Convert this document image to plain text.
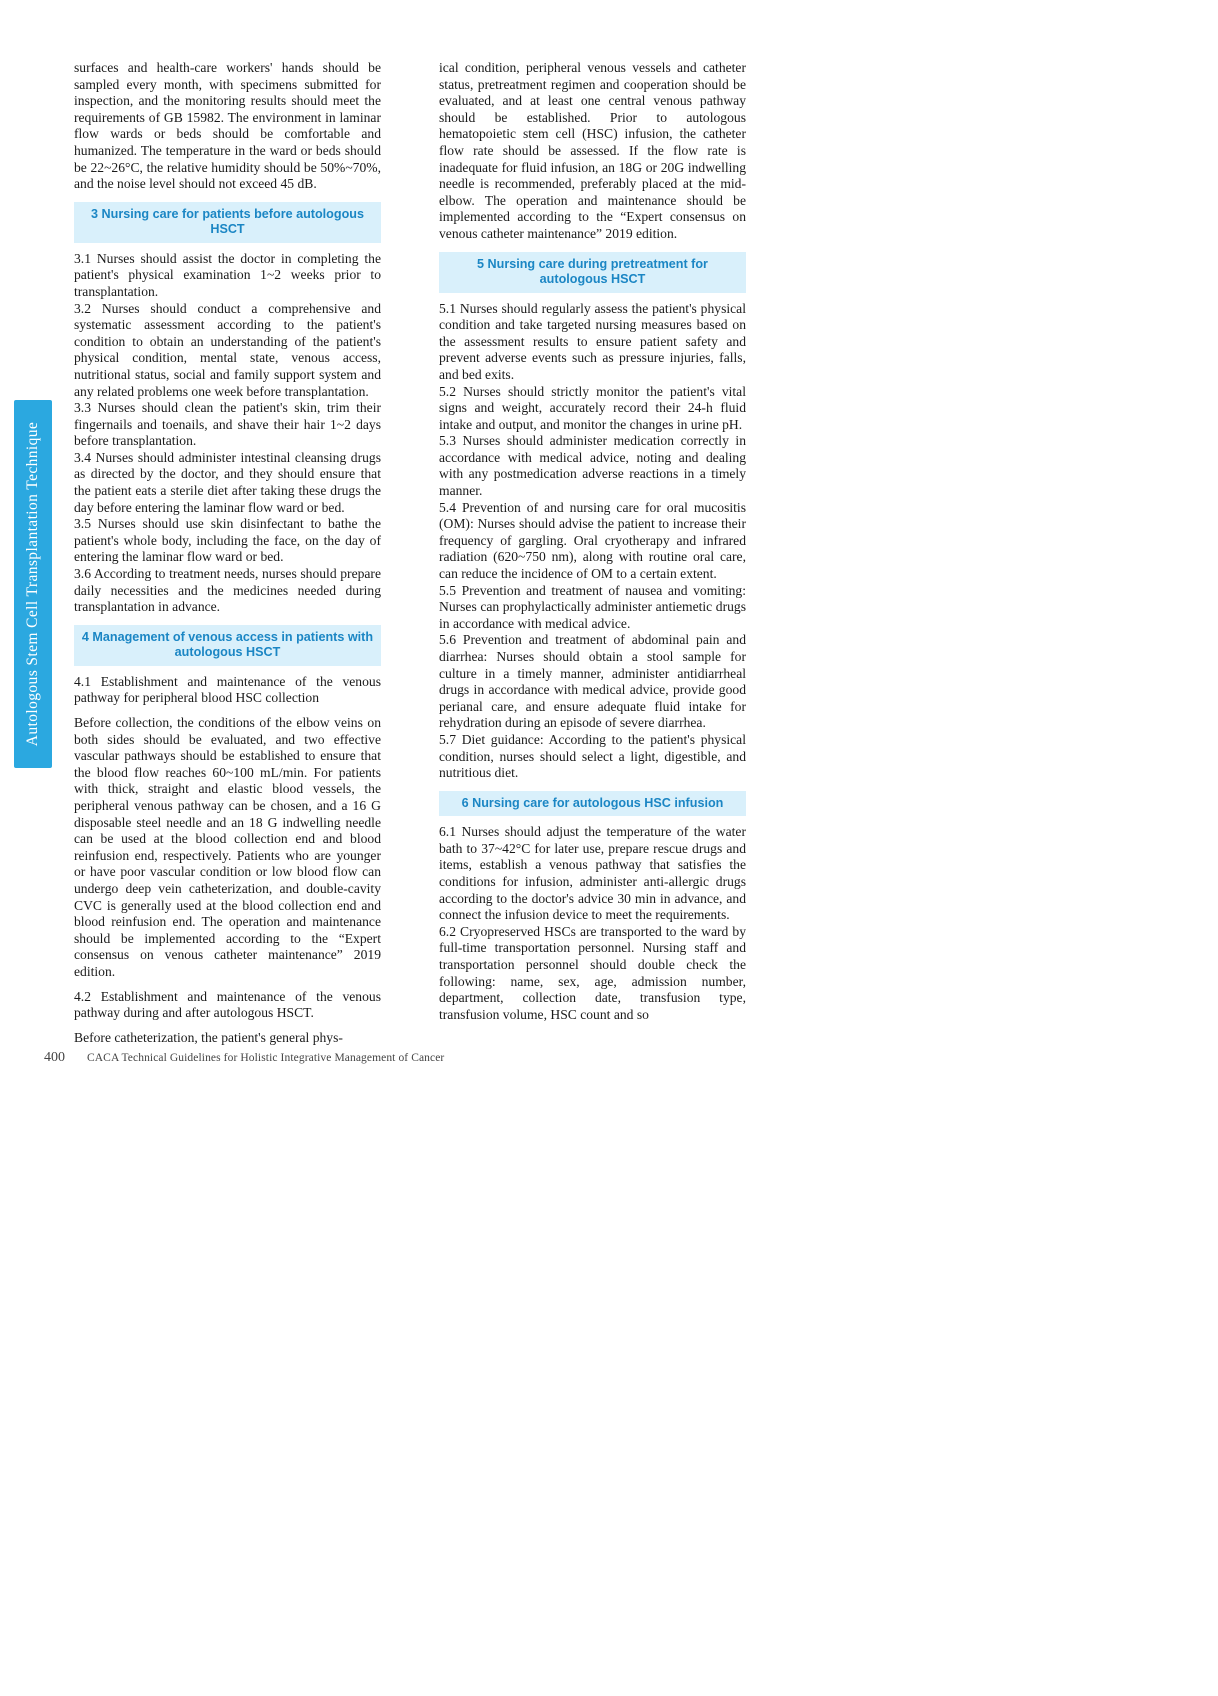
Autologous Stem Cell Transplantation Technique

surfaces and health-care workers' hands should be sampled every month, with specimens submitted for inspection, and the monitoring results should meet the requirements of GB 15982. The environment in laminar flow wards or beds should be comfortable and humanized. The temperature in the ward or beds should be 22~26°C, the relative humidity should be 50%~70%, and the noise level should not exceed 45 dB.

3 Nursing care for patients before autologous HSCT

3.1 Nurses should assist the doctor in completing the patient's physical examination 1~2 weeks prior to transplantation.

3.2 Nurses should conduct a comprehensive and systematic assessment according to the patient's condition to obtain an understanding of the patient's physical condition, mental state, venous access, nutritional status, social and family support system and any related problems one week before transplantation.

3.3 Nurses should clean the patient's skin, trim their fingernails and toenails, and shave their hair 1~2 days before transplantation.

3.4 Nurses should administer intestinal cleansing drugs as directed by the doctor, and they should ensure that the patient eats a sterile diet after taking these drugs the day before entering the laminar flow ward or bed.

3.5 Nurses should use skin disinfectant to bathe the patient's whole body, including the face, on the day of entering the laminar flow ward or bed.

3.6 According to treatment needs, nurses should prepare daily necessities and the medicines needed during transplantation in advance.

4 Management of venous access in patients with autologous HSCT

4.1 Establishment and maintenance of the venous pathway for peripheral blood HSC collection

Before collection, the conditions of the elbow veins on both sides should be evaluated, and two effective vascular pathways should be established to ensure that the blood flow reaches 60~100 mL/min. For patients with thick, straight and elastic blood vessels, the peripheral venous pathway can be chosen, and a 16 G disposable steel needle and an 18 G indwelling needle can be used at the blood collection end and blood reinfusion end, respectively. Patients who are younger or have poor vascular condition or low blood flow can undergo deep vein catheterization, and double-cavity CVC is generally used at the blood collection end and blood reinfusion end. The operation and maintenance should be implemented according to the “Expert consensus on venous catheter maintenance” 2019 edition.

4.2 Establishment and maintenance of the venous pathway during and after autologous HSCT.

Before catheterization, the patient's general phys-

ical condition, peripheral venous vessels and catheter status, pretreatment regimen and cooperation should be evaluated, and at least one central venous pathway should be established. Prior to autologous hematopoietic stem cell (HSC) infusion, the catheter flow rate should be assessed. If the flow rate is inadequate for fluid infusion, an 18G or 20G indwelling needle is recommended, preferably placed at the mid-elbow. The operation and maintenance should be implemented according to the “Expert consensus on venous catheter maintenance” 2019 edition.

5 Nursing care during pretreatment for autologous HSCT

5.1 Nurses should regularly assess the patient's physical condition and take targeted nursing measures based on the assessment results to ensure patient safety and prevent adverse events such as pressure injuries, falls, and bed exits.

5.2 Nurses should strictly monitor the patient's vital signs and weight, accurately record their 24-h fluid intake and output, and monitor the changes in urine pH.

5.3 Nurses should administer medication correctly in accordance with medical advice, noting and dealing with any postmedication adverse reactions in a timely manner.

5.4 Prevention of and nursing care for oral mucositis (OM): Nurses should advise the patient to increase their frequency of gargling. Oral cryotherapy and infrared radiation (620~750 nm), along with routine oral care, can reduce the incidence of OM to a certain extent.

5.5 Prevention and treatment of nausea and vomiting: Nurses can prophylactically administer antiemetic drugs in accordance with medical advice.

5.6 Prevention and treatment of abdominal pain and diarrhea: Nurses should obtain a stool sample for culture in a timely manner, administer antidiarrheal drugs in accordance with medical advice, provide good perianal care, and ensure adequate fluid intake for rehydration during an episode of severe diarrhea.

5.7 Diet guidance: According to the patient's physical condition, nurses should select a light, digestible, and nutritious diet.

6 Nursing care for autologous HSC infusion

6.1 Nurses should adjust the temperature of the water bath to 37~42°C for later use, prepare rescue drugs and items, establish a venous pathway that satisfies the conditions for infusion, administer anti-allergic drugs according to the doctor's advice 30 min in advance, and connect the infusion device to meet the requirements.

6.2 Cryopreserved HSCs are transported to the ward by full-time transportation personnel. Nursing staff and transportation personnel should double check the following: name, sex, age, admission number, department, collection date, transfusion type, transfusion volume, HSC count and so

400 CACA Technical Guidelines for Holistic Integrative Management of Cancer
